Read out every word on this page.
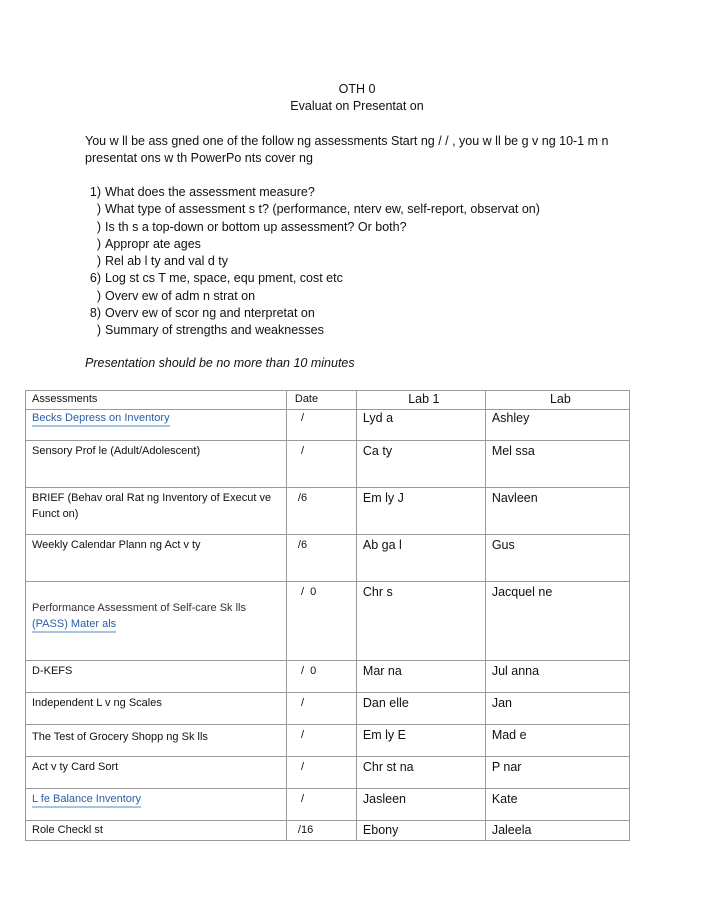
OTH 0
Evaluat on Presentat on
You w ll be ass gned one of the follow ng assessments Start ng / / , you w ll be g v ng 10-1 m n presentat ons w th PowerPo nts cover ng
1) What does the assessment measure?
) What type of assessment s t? (performance, nterv ew, self-report, observat on)
) Is th s a top-down or bottom up assessment? Or both?
) Appropr ate ages
) Rel ab l ty and val d ty
6) Log st cs T me, space, equ pment, cost etc
) Overv ew of adm n strat on
8) Overv ew of scor ng and nterpretat on
) Summary of strengths and weaknesses
Presentation should be no more than 10 minutes
Assessments	Date	Lab 1	Lab
Becks Depress on Inventory	/	Lyd a	Ashley
Sensory Prof le (Adult/Adolescent)	/	Ca ty	Mel ssa
BRIEF (Behav oral Rat ng Inventory of Execut ve Funct on)	/6	Em ly J	Navleen
Weekly Calendar Plann ng Act v ty	/6	Ab ga l	Gus

Performance Assessment of Self-care Sk lls
(PASS) Mater als	/  0	Chr s	Jacquel ne
D-KEFS	/  0	Mar na	Jul anna
Independent L v ng Scales	/	Dan elle	Jan
The Test of Grocery Shopp ng Sk lls	/	Em ly E	Mad e
Act v ty Card Sort	/	Chr st na	P nar
L fe Balance Inventory	/	Jasleen	Kate
Role Checkl st	/16	Ebony	Jaleela
